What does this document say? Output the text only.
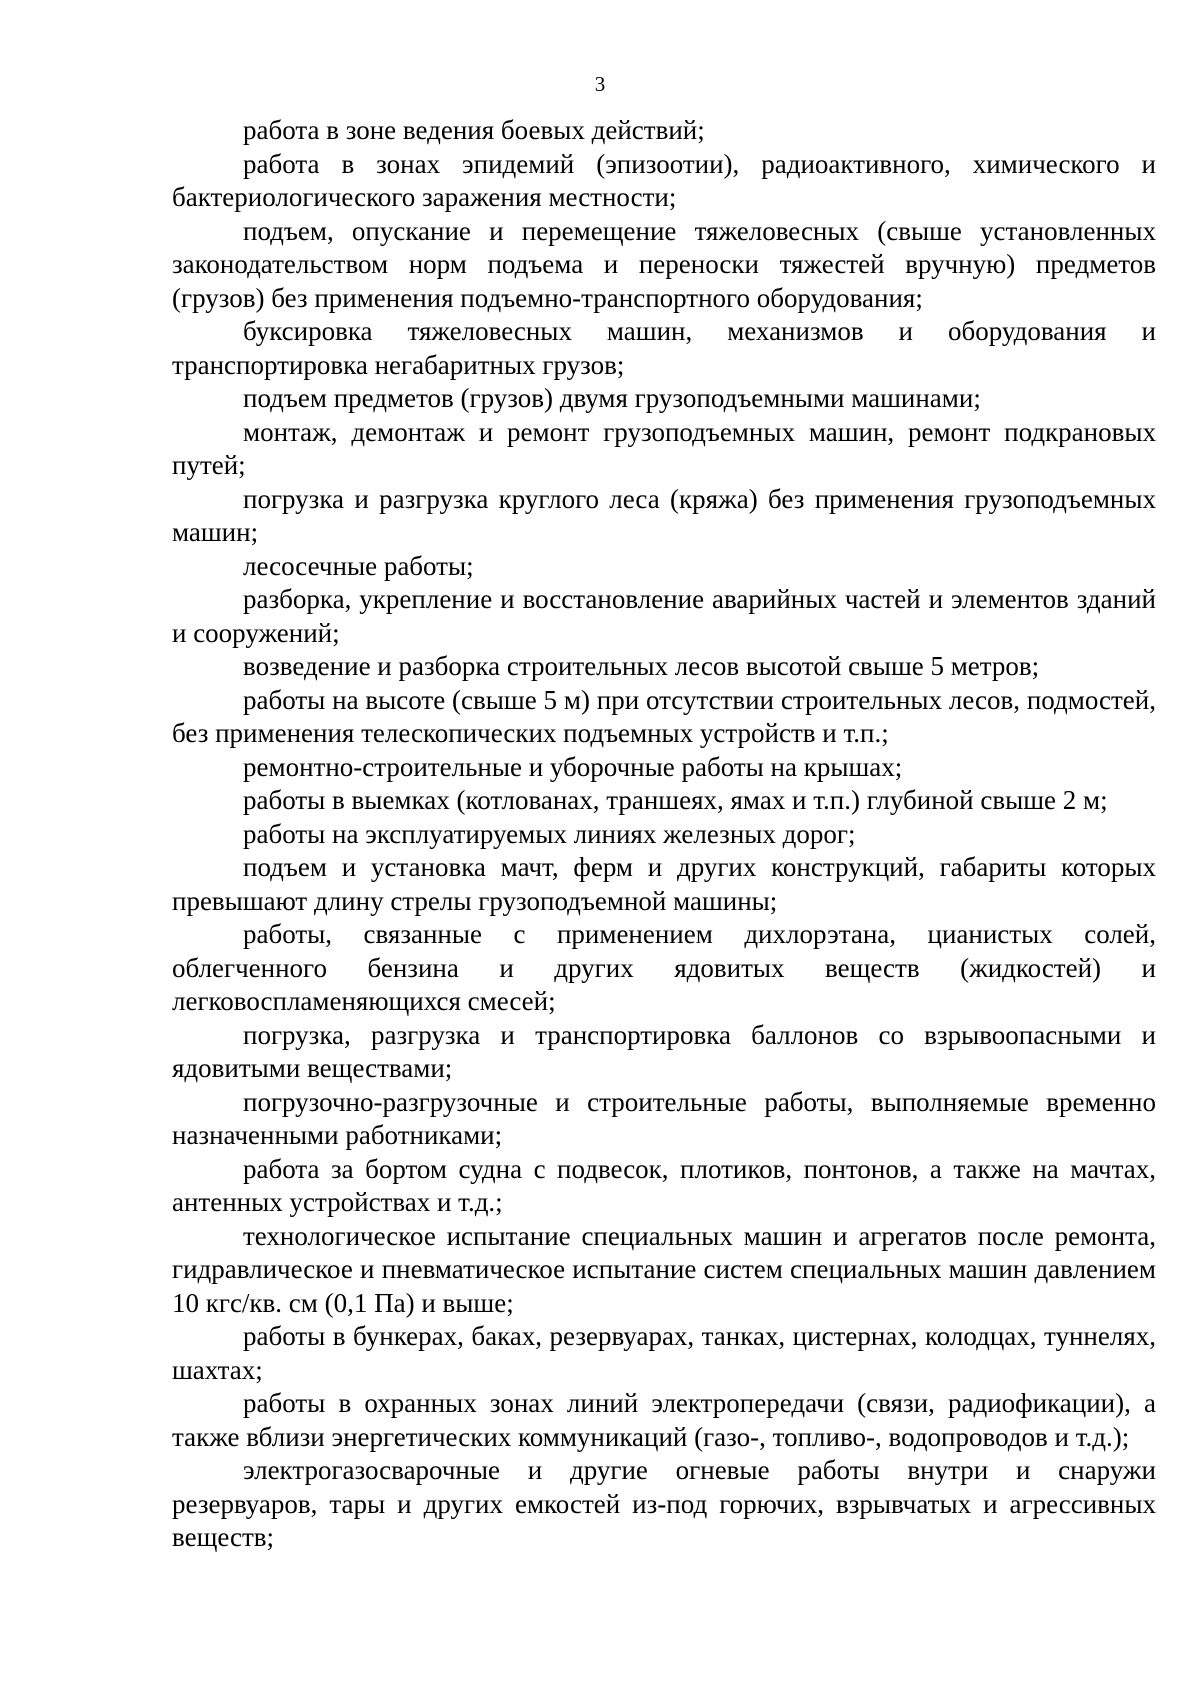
3

работа в зоне ведения боевых действий;

работа в зонах эпидемий (эпизоотии), радиоактивного, химического и бактериологического заражения местности;

подъем, опускание и перемещение тяжеловесных (свыше установленных законодательством норм подъема и переноски тяжестей вручную) предметов (грузов) без применения подъемно-транспортного оборудования;

буксировка тяжеловесных машин, механизмов и оборудования и транспортировка негабаритных грузов;

подъем предметов (грузов) двумя грузоподъемными машинами;

монтаж, демонтаж и ремонт грузоподъемных машин, ремонт подкрановых путей;

погрузка и разгрузка круглого леса (кряжа) без применения грузоподъемных машин;

лесосечные работы;

разборка, укрепление и восстановление аварийных частей и элементов зданий и сооружений;

возведение и разборка строительных лесов высотой свыше 5 метров;

работы на высоте (свыше 5 м) при отсутствии строительных лесов, подмостей, без применения телескопических подъемных устройств и т.п.;

ремонтно-строительные и уборочные работы на крышах;

работы в выемках (котлованах, траншеях, ямах и т.п.) глубиной свыше 2 м;

работы на эксплуатируемых линиях железных дорог;

подъем и установка мачт, ферм и других конструкций, габариты которых превышают длину стрелы грузоподъемной машины;

работы, связанные с применением дихлорэтана, цианистых солей, облегченного бензина и других ядовитых веществ (жидкостей) и легковоспламеняющихся смесей;

погрузка, разгрузка и транспортировка баллонов со взрывоопасными и ядовитыми веществами;

погрузочно-разгрузочные и строительные работы, выполняемые временно назначенными работниками;

работа за бортом судна с подвесок, плотиков, понтонов, а также на мачтах, антенных устройствах и т.д.;

технологическое испытание специальных машин и агрегатов после ремонта, гидравлическое и пневматическое испытание систем специальных машин давлением 10 кгс/кв. см (0,1 Па) и выше;

работы в бункерах, баках, резервуарах, танках, цистернах, колодцах, туннелях, шахтах;

работы в охранных зонах линий электропередачи (связи, радиофикации), а также вблизи энергетических коммуникаций (газо-, топливо-, водопроводов и т.д.);

электрогазосварочные и другие огневые работы внутри и снаружи резервуаров, тары и других емкостей из-под горючих, взрывчатых и агрессивных веществ;
